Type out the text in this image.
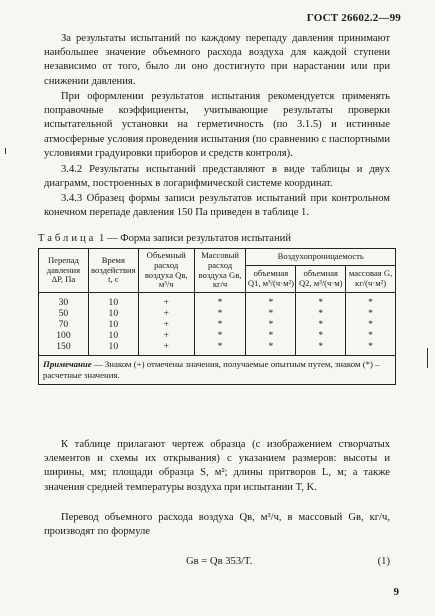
ГОСТ 26602.2—99

За результаты испытаний по каждому перепаду давления принимают наибольшее значение объемного расхода воздуха для каждой ступени независимо от того, было ли оно достигнуто при нарастании или при снижении давления.

При оформлении результатов испытания рекомендуется применять поправочные коэффициенты, учитывающие результаты проверки испытательной установки на герметичность (по 3.1.5) и истинные атмосферные условия проведения испытания (по сравнению с паспортными условиями градуировки приборов и средств контроля).

3.4.2 Результаты испытаний представляют в виде таблицы и двух диаграмм, построенных в логарифмической системе координат.

3.4.3 Образец формы записи результатов испытаний при контрольном конечном перепаде давления 150 Па приведен в таблице 1.

Таблица 1 — Форма записи результатов испытаний
Перепад давления ΔP, Па	Время воздействия t, с	Объемный расход воздуха Qв, м³/ч	Массовый расход воздуха Gв, кг/ч	Воздухопроницаемость		
				объемная Q1, м³/(ч·м²)	объемная Q2, м³/(ч·м)	массовая G, кг/(ч·м²)
30	10	+	*	*	*	*
50	10	+	*	*	*	*
70	10	+	*	*	*	*
100	10	+	*	*	*	*
150	10	+	*	*	*	*
Примечание — Знаком (+) отмечены значения, получаемые опытным путем, знаком (*) – расчетные значения.						

К таблице прилагают чертеж образца (с изображением створчатых элементов и схемы их открывания) с указанием размеров: высоты и ширины, мм; площади образца S, м²; длины притворов L, м; а также значения средней температуры воздуха при испытании T, K.

Перевод объемного расхода воздуха Qв, м³/ч, в массовый Gв, кг/ч, производят по формуле

Gв = Qв 353/T.	(1)
9
